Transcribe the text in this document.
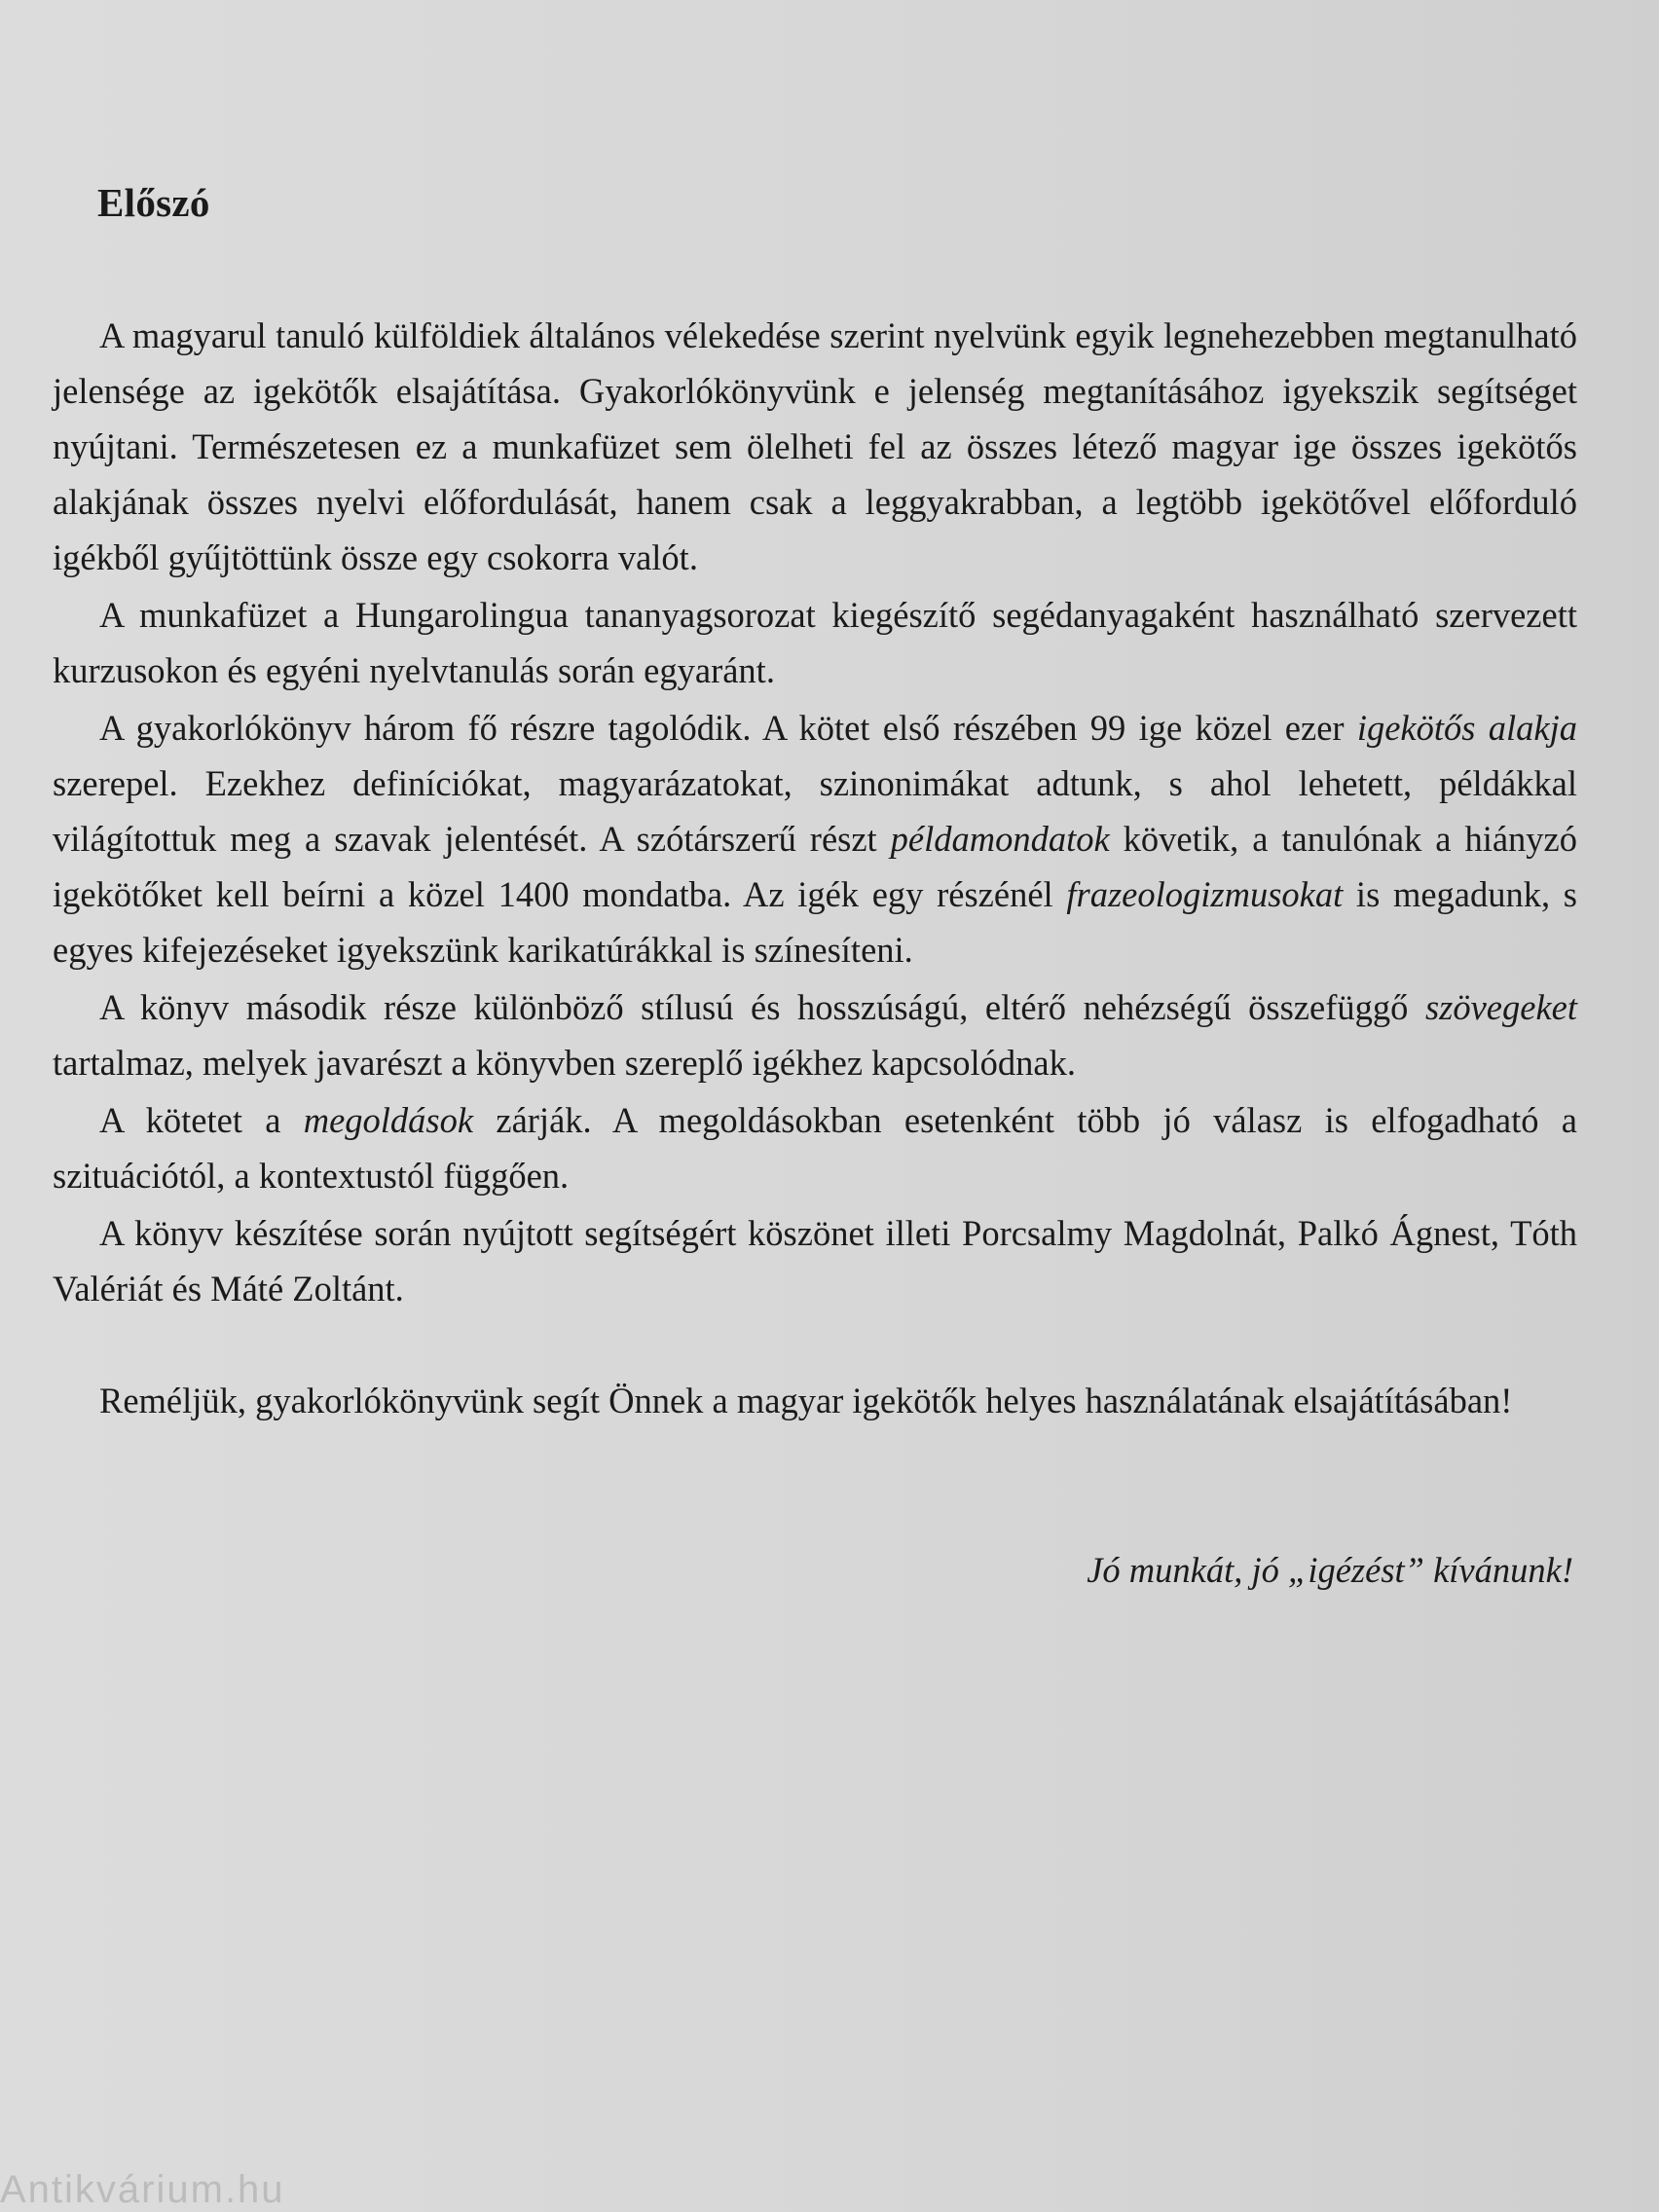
Előszó

A magyarul tanuló külföldiek általános vélekedése szerint nyelvünk egyik legnehezebben megtanulható jelensége az igekötők elsajátítása. Gyakorlókönyvünk e jelenség megtanításához igyekszik segítséget nyújtani. Természetesen ez a munkafüzet sem ölelheti fel az összes létező magyar ige összes igekötős alakjának összes nyelvi előfordulását, hanem csak a leggyakrabban, a legtöbb igekötővel előforduló igékből gyűjtöttünk össze egy csokorra valót.

A munkafüzet a Hungarolingua tananyagsorozat kiegészítő segédanyagaként használható szervezett kurzusokon és egyéni nyelvtanulás során egyaránt.

A gyakorlókönyv három fő részre tagolódik. A kötet első részében 99 ige közel ezer igekötős alakja szerepel. Ezekhez definíciókat, magyarázatokat, szinonimákat adtunk, s ahol lehetett, példákkal világítottuk meg a szavak jelentését. A szótárszerű részt példamondatok követik, a tanulónak a hiányzó igekötőket kell beírni a közel 1400 mondatba. Az igék egy részénél frazeologizmusokat is megadunk, s egyes kifejezéseket igyekszünk karikatúrákkal is színesíteni.

A könyv második része különböző stílusú és hosszúságú, eltérő nehézségű összefüggő szövegeket tartalmaz, melyek javarészt a könyvben szereplő igékhez kapcsolódnak.

A kötetet a megoldások zárják. A megoldásokban esetenként több jó válasz is elfogadható a szituációtól, a kontextustól függően.

A könyv készítése során nyújtott segítségért köszönet illeti Porcsalmy Magdolnát, Palkó Ágnest, Tóth Valériát és Máté Zoltánt.

Reméljük, gyakorlókönyvünk segít Önnek a magyar igekötők helyes használatának elsajátításában!

Jó munkát, jó „igézést” kívánunk!
Antikvárium.hu
